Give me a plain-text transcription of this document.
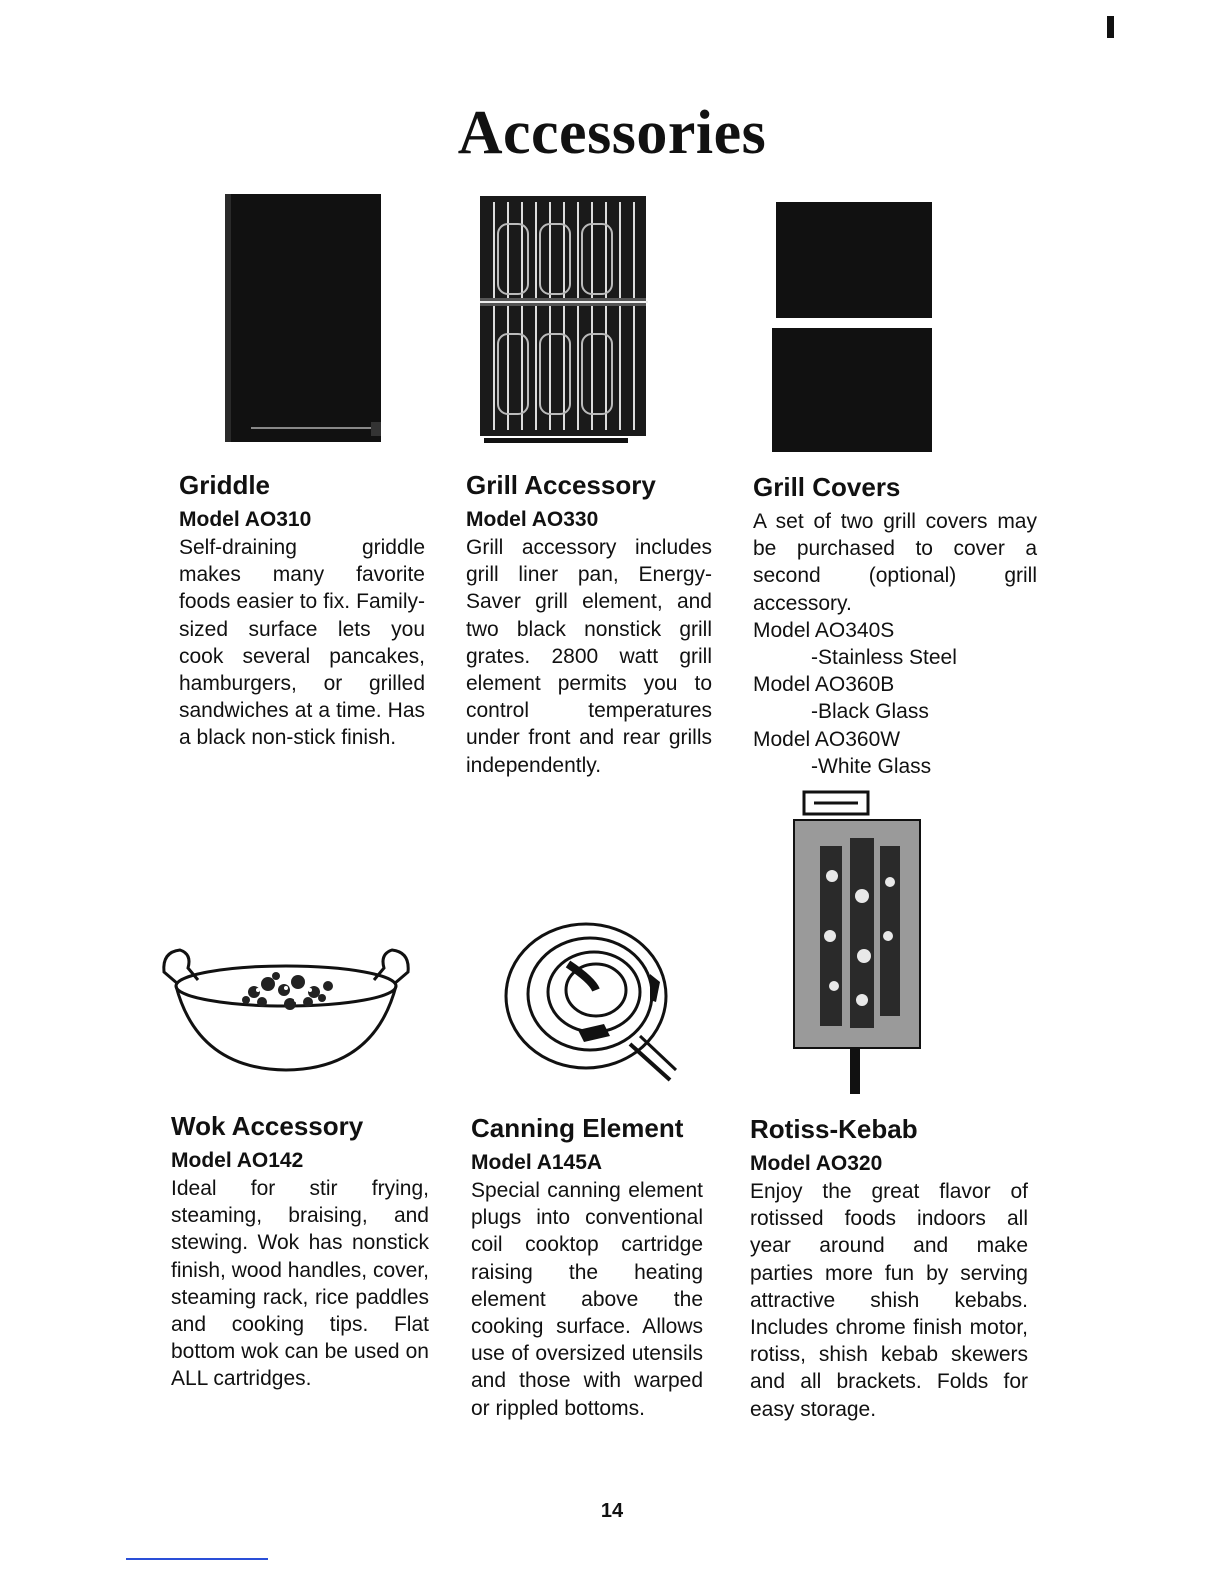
Accessories
Griddle

Model AO310

Self-draining griddle makes many favorite foods easier to fix. Family-sized surface lets you cook several pancakes, hamburgers, or grilled sandwiches at a time. Has a black non-stick finish.

Grill Accessory

Model AO330

Grill accessory includes grill liner pan, Energy-Saver grill element, and two black nonstick grill grates. 2800 watt grill element permits you to control temperatures under front and rear grills independently.

Grill Covers

A set of two grill covers may be purchased to cover a second (optional) grill accessory.

Model AO340S

-Stainless Steel

Model AO360B

-Black Glass

Model AO360W

-White Glass

Wok Accessory

Model AO142

Ideal for stir frying, steaming, braising, and stewing. Wok has nonstick finish, wood handles, cover, steaming rack, rice paddles and cooking tips. Flat bottom wok can be used on ALL cartridges.

Canning Element

Model A145A

Special canning element plugs into conventional coil cooktop cartridge raising the heating element above the cooking surface. Allows use of oversized utensils and those with warped or rippled bottoms.

Rotiss-Kebab

Model AO320

Enjoy the great flavor of rotissed foods indoors all year around and make parties more fun by serving attractive shish kebabs. Includes chrome finish motor, rotiss, shish kebab skewers and all brackets. Folds for easy storage.

14
